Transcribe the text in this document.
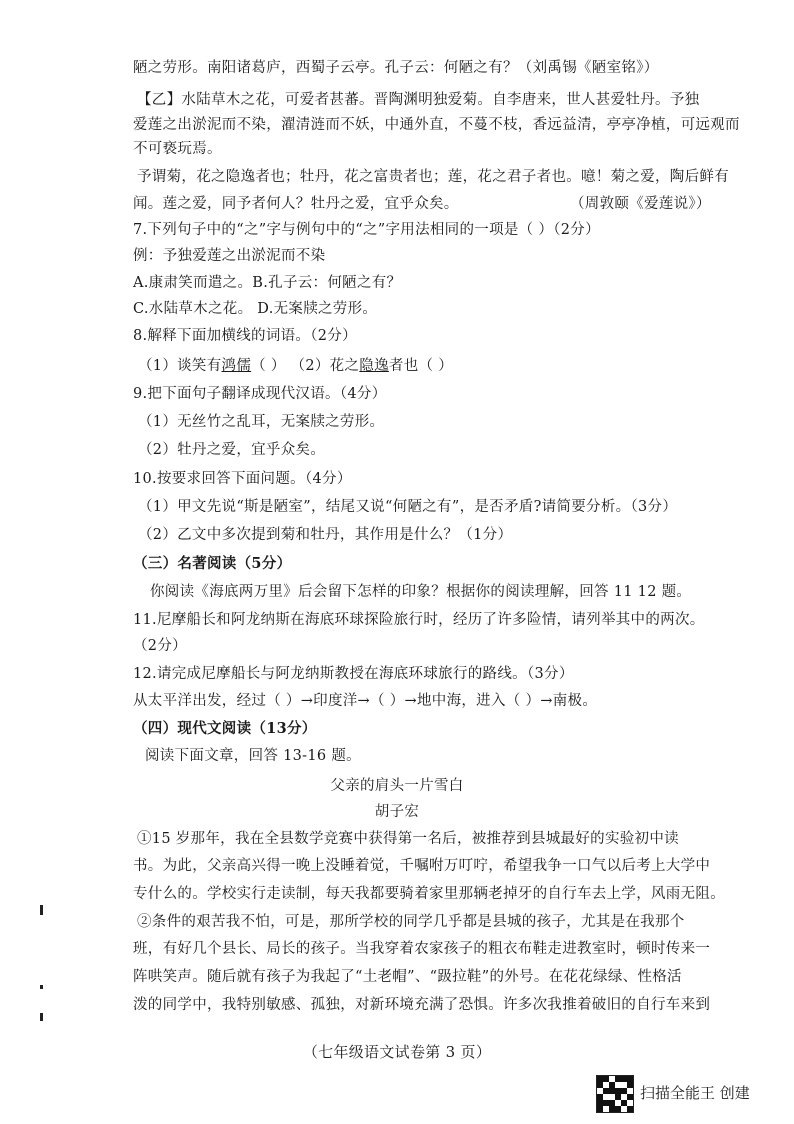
陋之劳形。南阳诸葛庐，西蜀子云亭。孔子云：何陋之有？（刘禹锡《陋室铭》）
【乙】水陆草木之花，可爱者甚蕃。晋陶渊明独爱菊。自李唐来，世人甚爱牡丹。予独
爱莲之出淤泥而不染，濯清涟而不妖，中通外直，不蔓不枝，香远益清，亭亭净植，可远观而
不可亵玩焉。
予谓菊，花之隐逸者也；牡丹，花之富贵者也；莲，花之君子者也。噫！菊之爱，陶后鲜有
闻。莲之爱，同予者何人？牡丹之爱，宜乎众矣。	（周敦颐《爱莲说》）
7.下列句子中的“之”字与例句中的“之”字用法相同的一项是（ ）（2分）
例：予独爱莲之出淤泥而不染
A.康肃笑而遣之。B.孔子云：何陋之有？
C.水陆草木之花。 D.无案牍之劳形。
8.解释下面加横线的词语。（2分）
（1）谈笑有鸿儒（ ） （2）花之隐逸者也（ ）
9.把下面句子翻译成现代汉语。（4分）
（1）无丝竹之乱耳，无案牍之劳形。
（2）牡丹之爱，宜乎众矣。
10.按要求回答下面问题。（4分）
（1）甲文先说“斯是陋室”，结尾又说“何陋之有”，是否矛盾?请简要分析。（3分）
（2）乙文中多次提到菊和牡丹，其作用是什么？（1分）
（三）名著阅读（5分）
你阅读《海底两万里》后会留下怎样的印象？根据你的阅读理解，回答 11 12 题。
11.尼摩船长和阿龙纳斯在海底环球探险旅行时，经历了许多险情，请列举其中的两次。
（2分）
12.请完成尼摩船长与阿龙纳斯教授在海底环球旅行的路线。（3分）
从太平洋出发，经过（ ）→印度洋→（ ）→地中海，进入（ ）→南极。
（四）现代文阅读（13分）
阅读下面文章，回答 13-16 题。
父亲的肩头一片雪白
胡子宏
①15 岁那年，我在全县数学竞赛中获得第一名后，被推荐到县城最好的实验初中读
书。为此，父亲高兴得一晚上没睡着觉，千嘱咐万叮咛，希望我争一口气以后考上大学中
专什么的。学校实行走读制，每天我都要骑着家里那辆老掉牙的自行车去上学，风雨无阻。
②条件的艰苦我不怕，可是，那所学校的同学几乎都是县城的孩子，尤其是在我那个
班，有好几个县长、局长的孩子。当我穿着农家孩子的粗衣布鞋走进教室时，顿时传来一
阵哄笑声。随后就有孩子为我起了“土老帽”、“趿拉鞋”的外号。在花花绿绿、性格活
泼的同学中，我特别敏感、孤独，对新环境充满了恐惧。许多次我推着破旧的自行车来到
（七年级语文试卷第 3 页）
扫描全能王 创建
